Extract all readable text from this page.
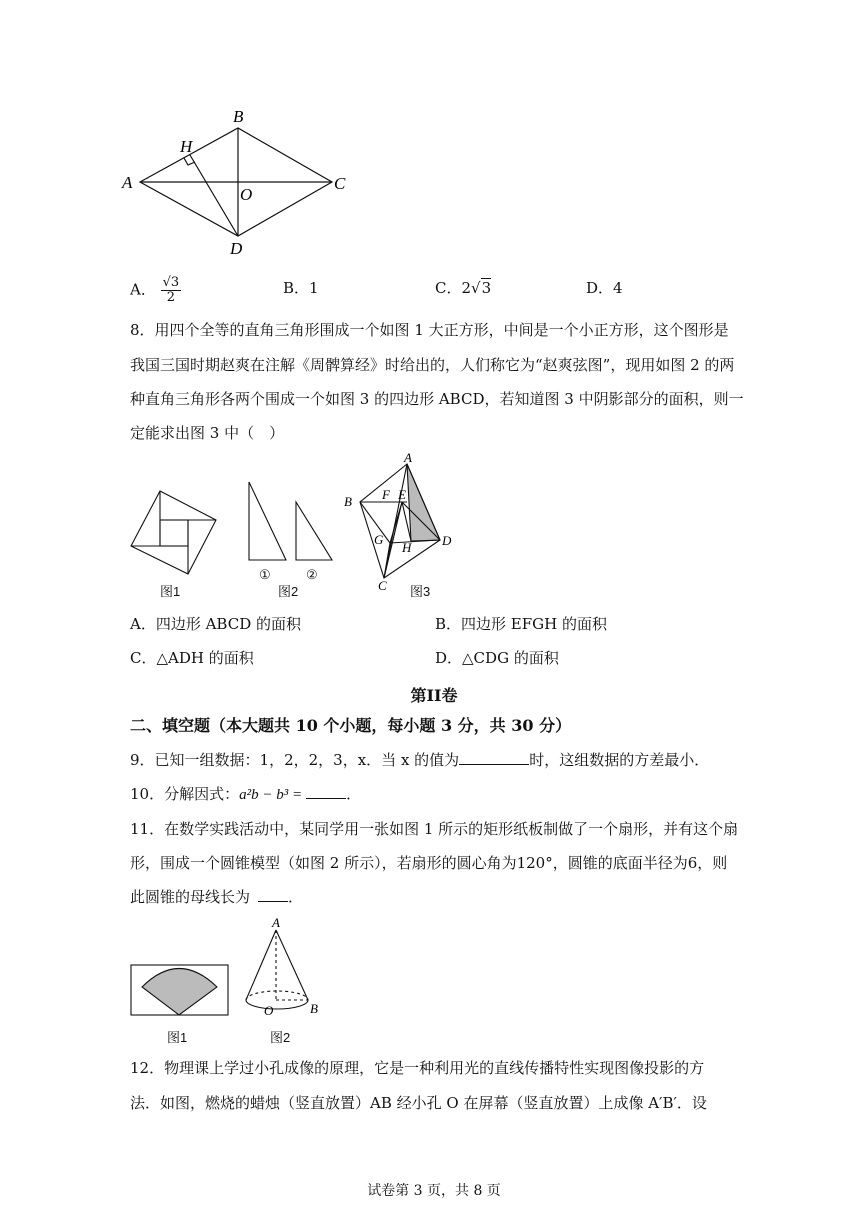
A
B
C
D
H
O
A． $\frac{√3}{2}$	B．1	C．2√3	D．4
8．用四个全等的直角三角形围成一个如图 1 大正方形，中间是一个小正方形，这个图形是
我国三国时期赵爽在注解《周髀算经》时给出的，人们称它为“赵爽弦图”，现用如图 2 的两
种直角三角形各两个围成一个如图 3 的四边形 ABCD，若知道图 3 中阴影部分的面积，则一
定能求出图 3 中（　）
图1
①
图2
②
A
B
C
D
E
F
G
H
图3
A．四边形 ABCD 的面积	B．四边形 EFGH 的面积
C．△ADH 的面积	D．△CDG 的面积
第II卷
二、填空题（本大题共 10 个小题，每小题 3 分，共 30 分）
9．已知一组数据：1，2，2，3，x．当 x 的值为	时，这组数据的方差最小．
10．分解因式：a²b − b³ =	．
11．在数学实践活动中，某同学用一张如图 1 所示的矩形纸板制做了一个扇形，并有这个扇
形，围成一个圆锥模型（如图 2 所示），若扇形的圆心角为120°，圆锥的底面半径为6，则
此圆锥的母线长为	．
图1
A
O	B
图2
12．物理课上学过小孔成像的原理，它是一种利用光的直线传播特性实现图像投影的方
法．如图，燃烧的蜡烛（竖直放置）AB 经小孔 O 在屏幕（竖直放置）上成像 A′B′．设
试卷第 3 页，共 8 页
